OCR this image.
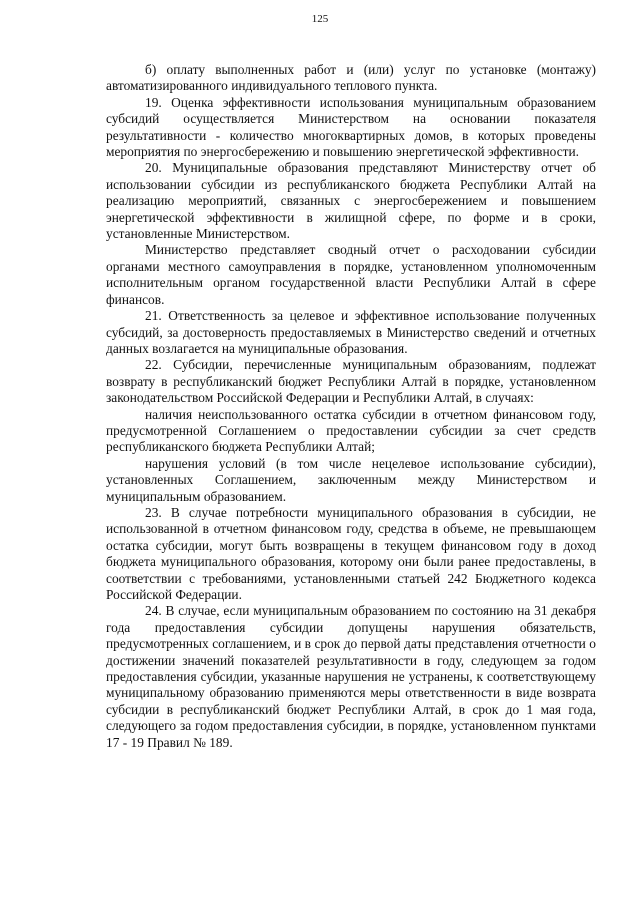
125

б) оплату выполненных работ и (или) услуг по установке (монтажу) автоматизированного индивидуального теплового пункта.

19. Оценка эффективности использования муниципальным образованием субсидий осуществляется Министерством на основании показателя результативности - количество многоквартирных домов, в которых проведены мероприятия по энергосбережению и повышению энергетической эффективности.

20. Муниципальные образования представляют Министерству отчет об использовании субсидии из республиканского бюджета Республики Алтай на реализацию мероприятий, связанных с энергосбережением и повышением энергетической эффективности в жилищной сфере, по форме и в сроки, установленные Министерством.

Министерство представляет сводный отчет о расходовании субсидии органами местного самоуправления в порядке, установленном уполномоченным исполнительным органом государственной власти Республики Алтай в сфере финансов.

21. Ответственность за целевое и эффективное использование полученных субсидий, за достоверность предоставляемых в Министерство сведений и отчетных данных возлагается на муниципальные образования.

22. Субсидии, перечисленные муниципальным образованиям, подлежат возврату в республиканский бюджет Республики Алтай в порядке, установленном законодательством Российской Федерации и Республики Алтай, в случаях:

наличия неиспользованного остатка субсидии в отчетном финансовом году, предусмотренной Соглашением о предоставлении субсидии за счет средств республиканского бюджета Республики Алтай;

нарушения условий (в том числе нецелевое использование субсидии), установленных Соглашением, заключенным между Министерством и муниципальным образованием.

23. В случае потребности муниципального образования в субсидии, не использованной в отчетном финансовом году, средства в объеме, не превышающем остатка субсидии, могут быть возвращены в текущем финансовом году в доход бюджета муниципального образования, которому они были ранее предоставлены, в соответствии с требованиями, установленными статьей 242 Бюджетного кодекса Российской Федерации.

24. В случае, если муниципальным образованием по состоянию на 31 декабря года предоставления субсидии допущены нарушения обязательств, предусмотренных соглашением, и в срок до первой даты представления отчетности о достижении значений показателей результативности в году, следующем за годом предоставления субсидии, указанные нарушения не устранены, к соответствующему муниципальному образованию применяются меры ответственности в виде возврата субсидии в республиканский бюджет Республики Алтай, в срок до 1 мая года, следующего за годом предоставления субсидии, в порядке, установленном пунктами 17 - 19 Правил № 189.
